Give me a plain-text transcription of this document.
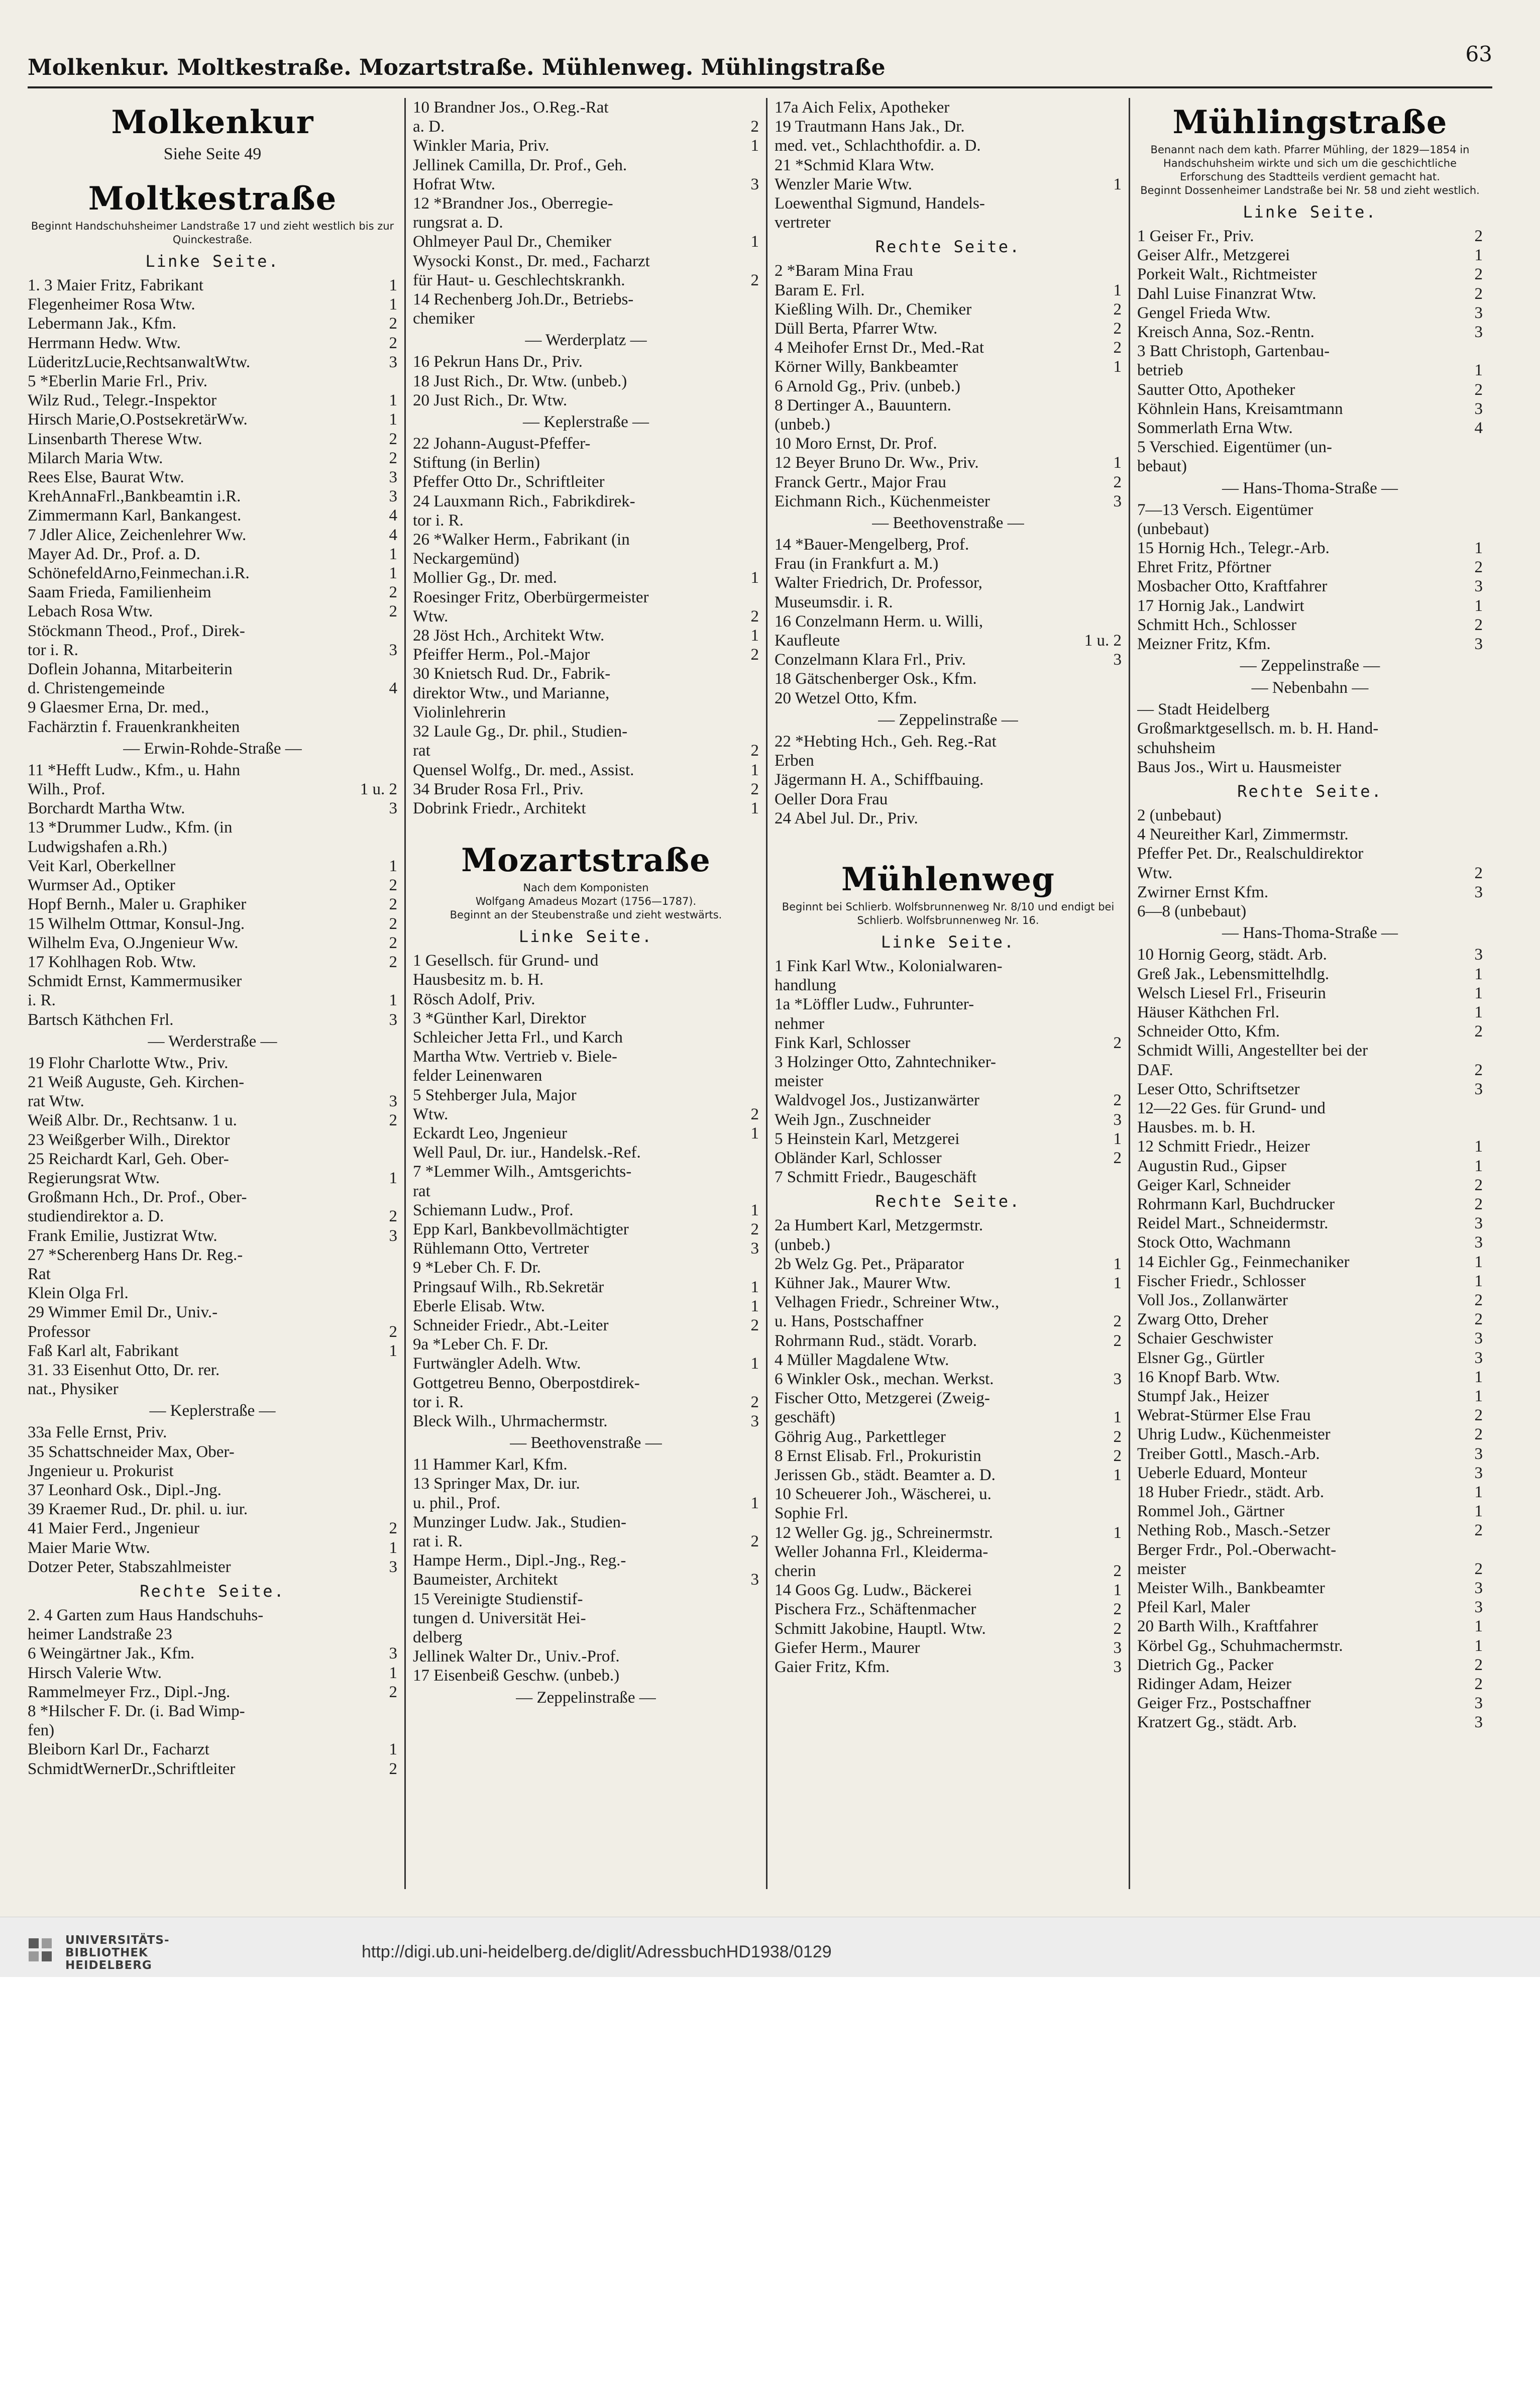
Molkenkur. Moltkestraße. Mozartstraße. Mühlenweg. Mühlingstraße
63
Molkenkur
Siehe Seite 49
Moltkestraße
Beginnt Handschuhsheimer Landstraße 17 und zieht westlich bis zur Quinckestraße.
Linke Seite.
1. 3 Maier Fritz, Fabrikant	1
Flegenheimer Rosa Wtw.	1
Lebermann Jak., Kfm.	2
Herrmann Hedw. Wtw.	2
LüderitzLucie,RechtsanwaltWtw.	3
5 *Eberlin Marie Frl., Priv.
Wilz Rud., Telegr.-Inspektor	1
Hirsch Marie,O.PostsekretärWw.	1
Linsenbarth Therese Wtw.	2
Milarch Maria Wtw.	2
Rees Else, Baurat Wtw.	3
KrehAnnaFrl.,Bankbeamtin i.R.	3
Zimmermann Karl, Bankangest.	4
7 Jdler Alice, Zeichenlehrer Ww.	4
Mayer Ad. Dr., Prof. a. D.	1
SchönefeldArno,Feinmechan.i.R.	1
Saam Frieda, Familienheim	2
Lebach Rosa Wtw.	2
Stöckmann Theod., Prof., Direk-
tor i. R.	3
Doflein Johanna, Mitarbeiterin
d. Christengemeinde	4
9 Glaesmer Erna, Dr. med.,
Fachärztin f. Frauenkrankheiten
— Erwin-Rohde-Straße —
11 *Hefft Ludw., Kfm., u. Hahn
Wilh., Prof.	1 u. 2
Borchardt Martha Wtw.	3
13 *Drummer Ludw., Kfm. (in
Ludwigshafen a.Rh.)
Veit Karl, Oberkellner	1
Wurmser Ad., Optiker	2
Hopf Bernh., Maler u. Graphiker	2
15 Wilhelm Ottmar, Konsul-Jng.	2
Wilhelm Eva, O.Jngenieur Ww.	2
17 Kohlhagen Rob. Wtw.	2
Schmidt Ernst, Kammermusiker
i. R.	1
Bartsch Käthchen Frl.	3
— Werderstraße —
19 Flohr Charlotte Wtw., Priv.
21 Weiß Auguste, Geh. Kirchen-
rat Wtw.	3
Weiß Albr. Dr., Rechtsanw. 1 u.	2
23 Weißgerber Wilh., Direktor
25 Reichardt Karl, Geh. Ober-
Regierungsrat Wtw.	1
Großmann Hch., Dr. Prof., Ober-
studiendirektor a. D.	2
Frank Emilie, Justizrat Wtw.	3
27 *Scherenberg Hans Dr. Reg.-
Rat
Klein Olga Frl.
29 Wimmer Emil Dr., Univ.-
Professor	2
Faß Karl alt, Fabrikant	1
31. 33 Eisenhut Otto, Dr. rer.
nat., Physiker
— Keplerstraße —
33a Felle Ernst, Priv.
35 Schattschneider Max, Ober-
Jngenieur u. Prokurist
37 Leonhard Osk., Dipl.-Jng.
39 Kraemer Rud., Dr. phil. u. iur.
41 Maier Ferd., Jngenieur	2
Maier Marie Wtw.	1
Dotzer Peter, Stabszahlmeister	3
Rechte Seite.
2. 4 Garten zum Haus Handschuhs-
heimer Landstraße 23
6 Weingärtner Jak., Kfm.	3
Hirsch Valerie Wtw.	1
Rammelmeyer Frz., Dipl.-Jng.	2
8 *Hilscher F. Dr. (i. Bad Wimp-
fen)
Bleiborn Karl Dr., Facharzt	1
SchmidtWernerDr.,Schriftleiter	2
10 Brandner Jos., O.Reg.-Rat
a. D.	2
Winkler Maria, Priv.	1
Jellinek Camilla, Dr. Prof., Geh.
Hofrat Wtw.	3
12 *Brandner Jos., Oberregie-
rungsrat a. D.
Ohlmeyer Paul Dr., Chemiker	1
Wysocki Konst., Dr. med., Facharzt
für Haut- u. Geschlechtskrankh.	2
14 Rechenberg Joh.Dr., Betriebs-
chemiker
— Werderplatz —
16 Pekrun Hans Dr., Priv.
18 Just Rich., Dr. Wtw. (unbeb.)
20 Just Rich., Dr. Wtw.
— Keplerstraße —
22 Johann-August-Pfeffer-
Stiftung (in Berlin)
Pfeffer Otto Dr., Schriftleiter
24 Lauxmann Rich., Fabrikdirek-
tor i. R.
26 *Walker Herm., Fabrikant (in
Neckargemünd)
Mollier Gg., Dr. med.	1
Roesinger Fritz, Oberbürgermeister
Wtw.	2
28 Jöst Hch., Architekt Wtw.	1
Pfeiffer Herm., Pol.-Major	2
30 Knietsch Rud. Dr., Fabrik-
direktor Wtw., und Marianne,
Violinlehrerin
32 Laule Gg., Dr. phil., Studien-
rat	2
Quensel Wolfg., Dr. med., Assist.	1
34 Bruder Rosa Frl., Priv.	2
Dobrink Friedr., Architekt	1
Mozartstraße
Nach dem Komponisten
Wolfgang Amadeus Mozart (1756—1787).
Beginnt an der Steubenstraße und zieht westwärts.
Linke Seite.
1 Gesellsch. für Grund- und
Hausbesitz m. b. H.
Rösch Adolf, Priv.
3 *Günther Karl, Direktor
Schleicher Jetta Frl., und Karch
Martha Wtw. Vertrieb v. Biele-
felder Leinenwaren
5 Stehberger Jula, Major
Wtw.	2
Eckardt Leo, Jngenieur	1
Well Paul, Dr. iur., Handelsk.-Ref.
7 *Lemmer Wilh., Amtsgerichts-
rat
Schiemann Ludw., Prof.	1
Epp Karl, Bankbevollmächtigter	2
Rühlemann Otto, Vertreter	3
9 *Leber Ch. F. Dr.
Pringsauf Wilh., Rb.Sekretär	1
Eberle Elisab. Wtw.	1
Schneider Friedr., Abt.-Leiter	2
9a *Leber Ch. F. Dr.
Furtwängler Adelh. Wtw.	1
Gottgetreu Benno, Oberpostdirek-
tor i. R.	2
Bleck Wilh., Uhrmachermstr.	3
— Beethovenstraße —
11 Hammer Karl, Kfm.
13 Springer Max, Dr. iur.
u. phil., Prof.	1
Munzinger Ludw. Jak., Studien-
rat i. R.	2
Hampe Herm., Dipl.-Jng., Reg.-
Baumeister, Architekt	3
15 Vereinigte Studienstif-
tungen d. Universität Hei-
delberg
Jellinek Walter Dr., Univ.-Prof.
17 Eisenbeiß Geschw. (unbeb.)
— Zeppelinstraße —
17a Aich Felix, Apotheker
19 Trautmann Hans Jak., Dr.
med. vet., Schlachthofdir. a. D.
21 *Schmid Klara Wtw.
Wenzler Marie Wtw.	1
Loewenthal Sigmund, Handels-
vertreter
Rechte Seite.
2 *Baram Mina Frau
Baram E. Frl.	1
Kießling Wilh. Dr., Chemiker	2
Düll Berta, Pfarrer Wtw.	2
4 Meihofer Ernst Dr., Med.-Rat	2
Körner Willy, Bankbeamter	1
6 Arnold Gg., Priv. (unbeb.)
8 Dertinger A., Bauuntern.
(unbeb.)
10 Moro Ernst, Dr. Prof.
12 Beyer Bruno Dr. Ww., Priv.	1
Franck Gertr., Major Frau	2
Eichmann Rich., Küchenmeister	3
— Beethovenstraße —
14 *Bauer-Mengelberg, Prof.
Frau (in Frankfurt a. M.)
Walter Friedrich, Dr. Professor,
Museumsdir. i. R.
16 Conzelmann Herm. u. Willi,
Kaufleute	1 u. 2
Conzelmann Klara Frl., Priv.	3
18 Gätschenberger Osk., Kfm.
20 Wetzel Otto, Kfm.
— Zeppelinstraße —
22 *Hebting Hch., Geh. Reg.-Rat
Erben
Jägermann H. A., Schiffbauing.
Oeller Dora Frau
24 Abel Jul. Dr., Priv.
Mühlenweg
Beginnt bei Schlierb. Wolfsbrunnenweg Nr. 8/10 und endigt bei Schlierb. Wolfsbrunnenweg Nr. 16.
Linke Seite.
1 Fink Karl Wtw., Kolonialwaren-
handlung
1a *Löffler Ludw., Fuhrunter-
nehmer
Fink Karl, Schlosser	2
3 Holzinger Otto, Zahntechniker-
meister
Waldvogel Jos., Justizanwärter	2
Weih Jgn., Zuschneider	3
5 Heinstein Karl, Metzgerei	1
Obländer Karl, Schlosser	2
7 Schmitt Friedr., Baugeschäft
Rechte Seite.
2a Humbert Karl, Metzgermstr.
(unbeb.)
2b Welz Gg. Pet., Präparator	1
Kühner Jak., Maurer Wtw.	1
Velhagen Friedr., Schreiner Wtw.,
u. Hans, Postschaffner	2
Rohrmann Rud., städt. Vorarb.	2
4 Müller Magdalene Wtw.
6 Winkler Osk., mechan. Werkst.	3
Fischer Otto, Metzgerei (Zweig-
geschäft)	1
Göhrig Aug., Parkettleger	2
8 Ernst Elisab. Frl., Prokuristin	2
Jerissen Gb., städt. Beamter a. D.	1
10 Scheuerer Joh., Wäscherei, u.
Sophie Frl.
12 Weller Gg. jg., Schreinermstr.	1
Weller Johanna Frl., Kleiderma-
cherin	2
14 Goos Gg. Ludw., Bäckerei	1
Pischera Frz., Schäftenmacher	2
Schmitt Jakobine, Hauptl. Wtw.	2
Giefer Herm., Maurer	3
Gaier Fritz, Kfm.	3
Mühlingstraße
Benannt nach dem kath. Pfarrer Mühling, der 1829—1854 in Handschuhsheim wirkte und sich um die geschichtliche Erforschung des Stadtteils verdient gemacht hat.
Beginnt Dossenheimer Landstraße bei Nr. 58 und zieht westlich.
Linke Seite.
1 Geiser Fr., Priv.	2
Geiser Alfr., Metzgerei	1
Porkeit Walt., Richtmeister	2
Dahl Luise Finanzrat Wtw.	2
Gengel Frieda Wtw.	3
Kreisch Anna, Soz.-Rentn.	3
3 Batt Christoph, Gartenbau-
betrieb	1
Sautter Otto, Apotheker	2
Köhnlein Hans, Kreisamtmann	3
Sommerlath Erna Wtw.	4
5 Verschied. Eigentümer (un-
bebaut)
— Hans-Thoma-Straße —
7—13 Versch. Eigentümer
(unbebaut)
15 Hornig Hch., Telegr.-Arb.	1
Ehret Fritz, Pförtner	2
Mosbacher Otto, Kraftfahrer	3
17 Hornig Jak., Landwirt	1
Schmitt Hch., Schlosser	2
Meizner Fritz, Kfm.	3
— Zeppelinstraße —
— Nebenbahn —
— Stadt Heidelberg
Großmarktgesellsch. m. b. H. Hand-
schuhsheim
Baus Jos., Wirt u. Hausmeister
Rechte Seite.
2 (unbebaut)
4 Neureither Karl, Zimmermstr.
Pfeffer Pet. Dr., Realschuldirektor
Wtw.	2
Zwirner Ernst Kfm.	3
6—8 (unbebaut)
— Hans-Thoma-Straße —
10 Hornig Georg, städt. Arb.	3
Greß Jak., Lebensmittelhdlg.	1
Welsch Liesel Frl., Friseurin	1
Häuser Käthchen Frl.	1
Schneider Otto, Kfm.	2
Schmidt Willi, Angestellter bei der
DAF.	2
Leser Otto, Schriftsetzer	3
12—22 Ges. für Grund- und
Hausbes. m. b. H.
12 Schmitt Friedr., Heizer	1
Augustin Rud., Gipser	1
Geiger Karl, Schneider	2
Rohrmann Karl, Buchdrucker	2
Reidel Mart., Schneidermstr.	3
Stock Otto, Wachmann	3
14 Eichler Gg., Feinmechaniker	1
Fischer Friedr., Schlosser	1
Voll Jos., Zollanwärter	2
Zwarg Otto, Dreher	2
Schaier Geschwister	3
Elsner Gg., Gürtler	3
16 Knopf Barb. Wtw.	1
Stumpf Jak., Heizer	1
Webrat-Stürmer Else Frau	2
Uhrig Ludw., Küchenmeister	2
Treiber Gottl., Masch.-Arb.	3
Ueberle Eduard, Monteur	3
18 Huber Friedr., städt. Arb.	1
Rommel Joh., Gärtner	1
Nething Rob., Masch.-Setzer	2
Berger Frdr., Pol.-Oberwacht-
meister	2
Meister Wilh., Bankbeamter	3
Pfeil Karl, Maler	3
20 Barth Wilh., Kraftfahrer	1
Körbel Gg., Schuhmachermstr.	1
Dietrich Gg., Packer	2
Ridinger Adam, Heizer	2
Geiger Frz., Postschaffner	3
Kratzert Gg., städt. Arb.	3
UNIVERSITÄTS-
BIBLIOTHEK
HEIDELBERG
http://digi.ub.uni-heidelberg.de/diglit/AdressbuchHD1938/0129
